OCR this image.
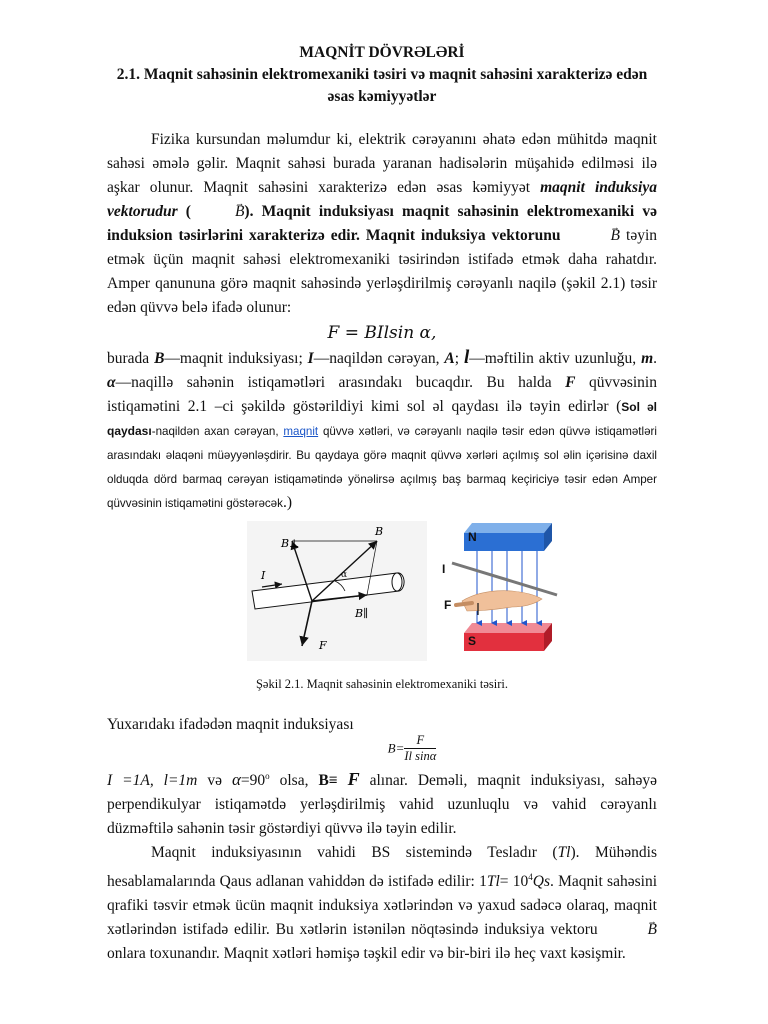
MAQNİT DÖVRƏLƏRİ
2.1. Maqnit sahəsinin elektromexaniki təsiri və maqnit sahəsini xarakterizə edən əsas kəmiyyətlər

Fizika kursundan məlumdur ki, elektrik cərəyanını əhatə edən mühitdə maqnit sahəsi əmələ gəlir. Maqnit sahəsi burada yaranan hadisələrin müşahidə edilməsi ilə aşkar olunur. Maqnit sahəsini xarakterizə edən əsas kəmiyyət maqnit induksiya vektorudur (	→ B). Maqnit induksiyası maqnit sahəsinin elektromexaniki və induksion təsirlərini xarakterizə edir. Maqnit induksiya vektorunu	→ B təyin etmək üçün maqnit sahəsi elektromexaniki təsirindən istifadə etmək daha rahatdır. Amper qanununa görə maqnit sahəsində yerləşdirilmiş cərəyanlı naqilə (şəkil 2.1) təsir edən qüvvə belə ifadə olunur:

F = BIlsin α,

burada B—maqnit induksiyası; I—naqildən cərəyan, A; l—məftilin aktiv uzunluğu, m. α—naqillə sahənin istiqamətləri arasındakı bucaqdır. Bu halda F qüvvəsinin istiqamətini 2.1 –ci şəkildə göstərildiyi kimi sol əl qaydası ilə təyin edirlər (Sol əl qaydası-naqildən axan cərəyan, maqnit qüvvə xətləri, və cərəyanlı naqilə təsir edən qüvvə istiqamətləri arasındakı əlaqəni müəyyənləşdirir. Bu qaydaya görə maqnit qüvvə xərləri açılmış sol əlin içərisinə daxil olduqda dörd barmaq cərəyan istiqamətində yönəlirsə açılmış baş barmaq keçiriciyə təsir edən Amper qüvvəsinin istiqamətini göstərəcək.)

B⊥
B
I	α
F
B∥
N
I
F
S
Şəkil 2.1. Maqnit sahəsinin elektromexaniki təsiri.

Yuxarıdakı ifadədən maqnit induksiyası

$B= \frac{F}{\text{Il sinα}}$

I =1A, l=1m və $\alpha=90^o$ olsa, B≡ F alınar. Deməli, maqnit induksiyası, sahəyə perpendikulyar istiqamətdə yerləşdirilmiş vahid uzunluqlu və vahid cərəyanlı düzməftilə sahənin təsir göstərdiyi qüvvə ilə təyin edilir.

Maqnit induksiyasının vahidi BS sistemində Tesladır (Tl). Mühəndis hesablamalarında Qaus adlanan vahiddən də istifadə edilir: $1Tl= 10^4Qs$. Maqnit sahəsini qrafiki təsvir etmək ücün maqnit induksiya xətlərindən və yaxud sadəcə olaraq, maqnit xətlərindən istifadə edilir. Bu xətlərin istənilən nöqtəsində induksiya vektoru	→ B onlara toxunandır. Maqnit xətləri həmişə təşkil edir və bir-biri ilə heç vaxt kəsişmir.
